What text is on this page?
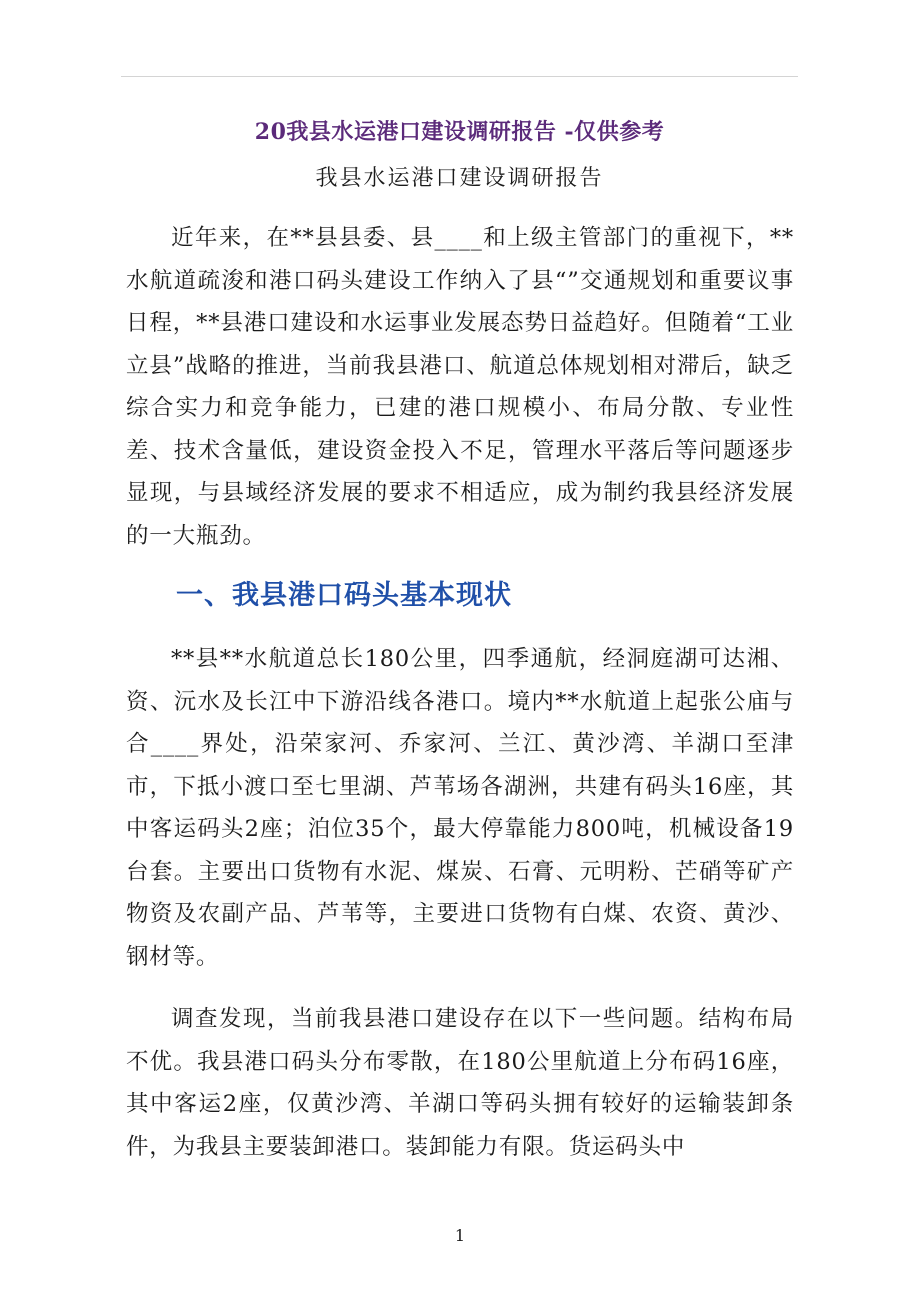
20我县水运港口建设调研报告 -仅供参考
我县水运港口建设调研报告

近年来，在**县县委、县____和上级主管部门的重视下，**水航道疏浚和港口码头建设工作纳入了县“”交通规划和重要议事日程，**县港口建设和水运事业发展态势日益趋好。但随着“工业立县”战略的推进，当前我县港口、航道总体规划相对滞后，缺乏综合实力和竞争能力，已建的港口规模小、布局分散、专业性差、技术含量低，建设资金投入不足，管理水平落后等问题逐步显现，与县域经济发展的要求不相适应，成为制约我县经济发展的一大瓶劲。

一、我县港口码头基本现状

**县**水航道总长180公里，四季通航，经洞庭湖可达湘、资、沅水及长江中下游沿线各港口。境内**水航道上起张公庙与合____界处，沿荣家河、乔家河、兰江、黄沙湾、羊湖口至津市，下抵小渡口至七里湖、芦苇场各湖洲，共建有码头16座，其中客运码头2座；泊位35个，最大停靠能力800吨，机械设备19台套。主要出口货物有水泥、煤炭、石膏、元明粉、芒硝等矿产物资及农副产品、芦苇等，主要进口货物有白煤、农资、黄沙、钢材等。

调查发现，当前我县港口建设存在以下一些问题。结构布局不优。我县港口码头分布零散，在180公里航道上分布码16座，其中客运2座，仅黄沙湾、羊湖口等码头拥有较好的运输装卸条件，为我县主要装卸港口。装卸能力有限。货运码头中

1
